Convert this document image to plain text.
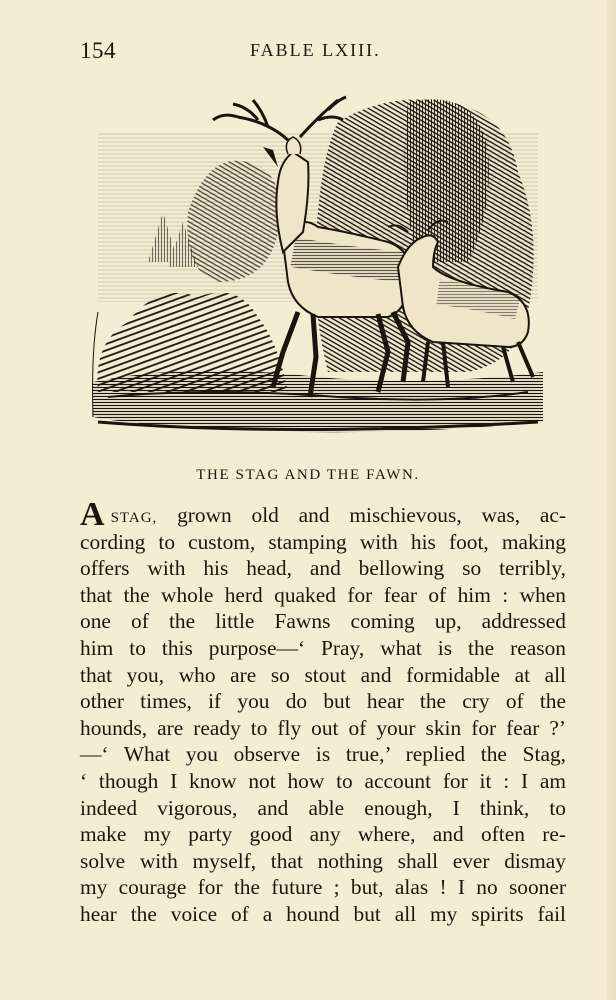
154	FABLE LXIII.
THE STAG AND THE FAWN.
ASTAG, grown old and mischievous, was, ac-
cording to custom, stamping with his foot, making
offers with his head, and bellowing so terribly,
that the whole herd quaked for fear of him : when
one of the little Fawns coming up, addressed
him to this purpose—‘ Pray, what is the reason
that you, who are so stout and formidable at all
other times, if you do but hear the cry of the
hounds, are ready to fly out of your skin for fear ?’
—‘ What you observe is true,’ replied the Stag,
‘ though I know not how to account for it : I am
indeed vigorous, and able enough, I think, to
make my party good any where, and often re-
solve with myself, that nothing shall ever dismay
my courage for the future ; but, alas ! I no sooner
hear the voice of a hound but all my spirits fail
